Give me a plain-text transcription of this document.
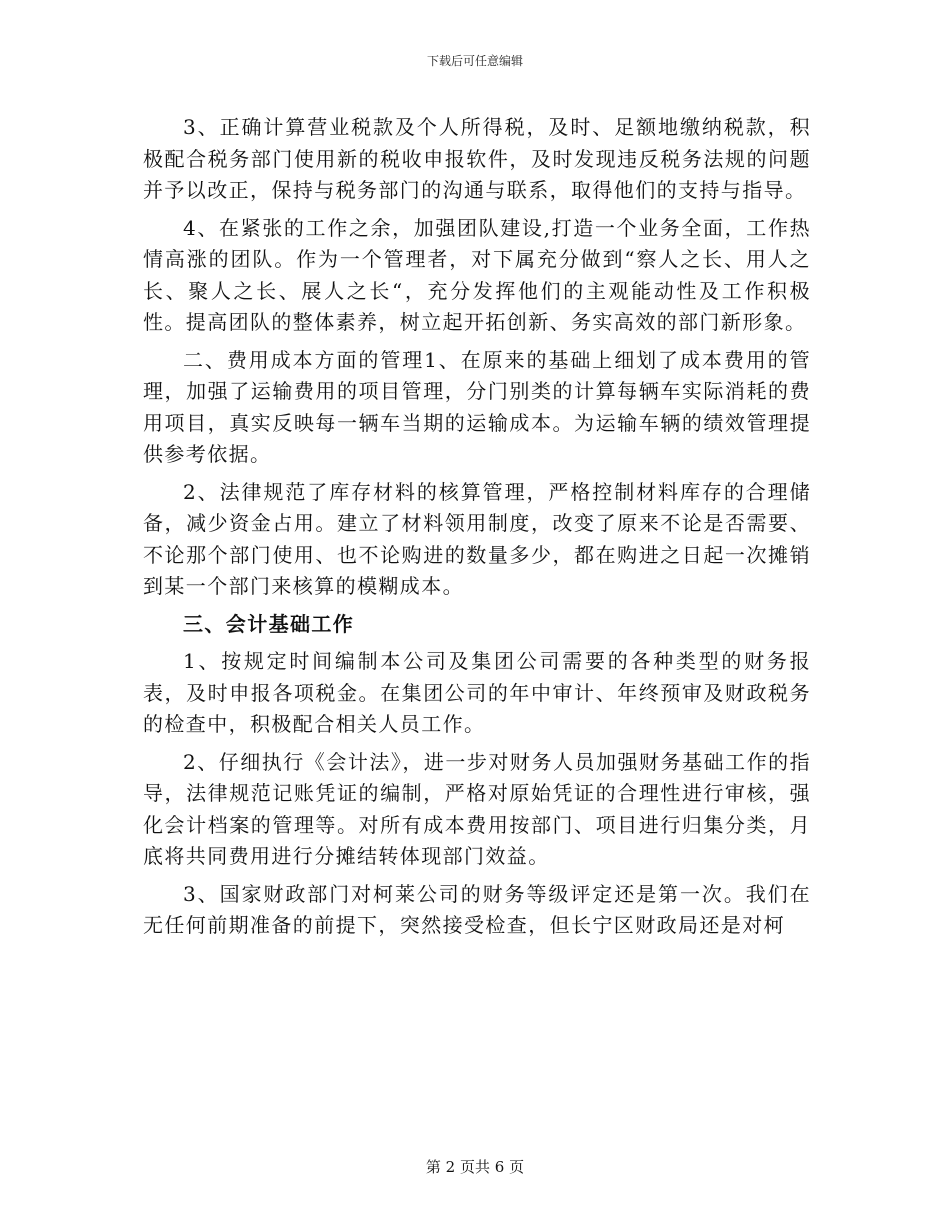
下载后可任意编辑

3、正确计算营业税款及个人所得税，及时、足额地缴纳税款，积极配合税务部门使用新的税收申报软件，及时发现违反税务法规的问题并予以改正，保持与税务部门的沟通与联系，取得他们的支持与指导。

4、在紧张的工作之余，加强团队建设,打造一个业务全面，工作热情高涨的团队。作为一个管理者，对下属充分做到“察人之长、用人之长、聚人之长、展人之长“，充分发挥他们的主观能动性及工作积极性。提高团队的整体素养，树立起开拓创新、务实高效的部门新形象。

二、费用成本方面的管理1、在原来的基础上细划了成本费用的管理，加强了运输费用的项目管理，分门别类的计算每辆车实际消耗的费用项目，真实反映每一辆车当期的运输成本。为运输车辆的绩效管理提供参考依据。

2、法律规范了库存材料的核算管理，严格控制材料库存的合理储备，减少资金占用。建立了材料领用制度，改变了原来不论是否需要、不论那个部门使用、也不论购进的数量多少，都在购进之日起一次摊销到某一个部门来核算的模糊成本。

三、会计基础工作

1、按规定时间编制本公司及集团公司需要的各种类型的财务报表，及时申报各项税金。在集团公司的年中审计、年终预审及财政税务的检查中，积极配合相关人员工作。

2、仔细执行《会计法》，进一步对财务人员加强财务基础工作的指导，法律规范记账凭证的编制，严格对原始凭证的合理性进行审核，强化会计档案的管理等。对所有成本费用按部门、项目进行归集分类，月底将共同费用进行分摊结转体现部门效益。

3、国家财政部门对柯莱公司的财务等级评定还是第一次。我们在无任何前期准备的前提下，突然接受检查，但长宁区财政局还是对柯

第 2 页共 6 页
